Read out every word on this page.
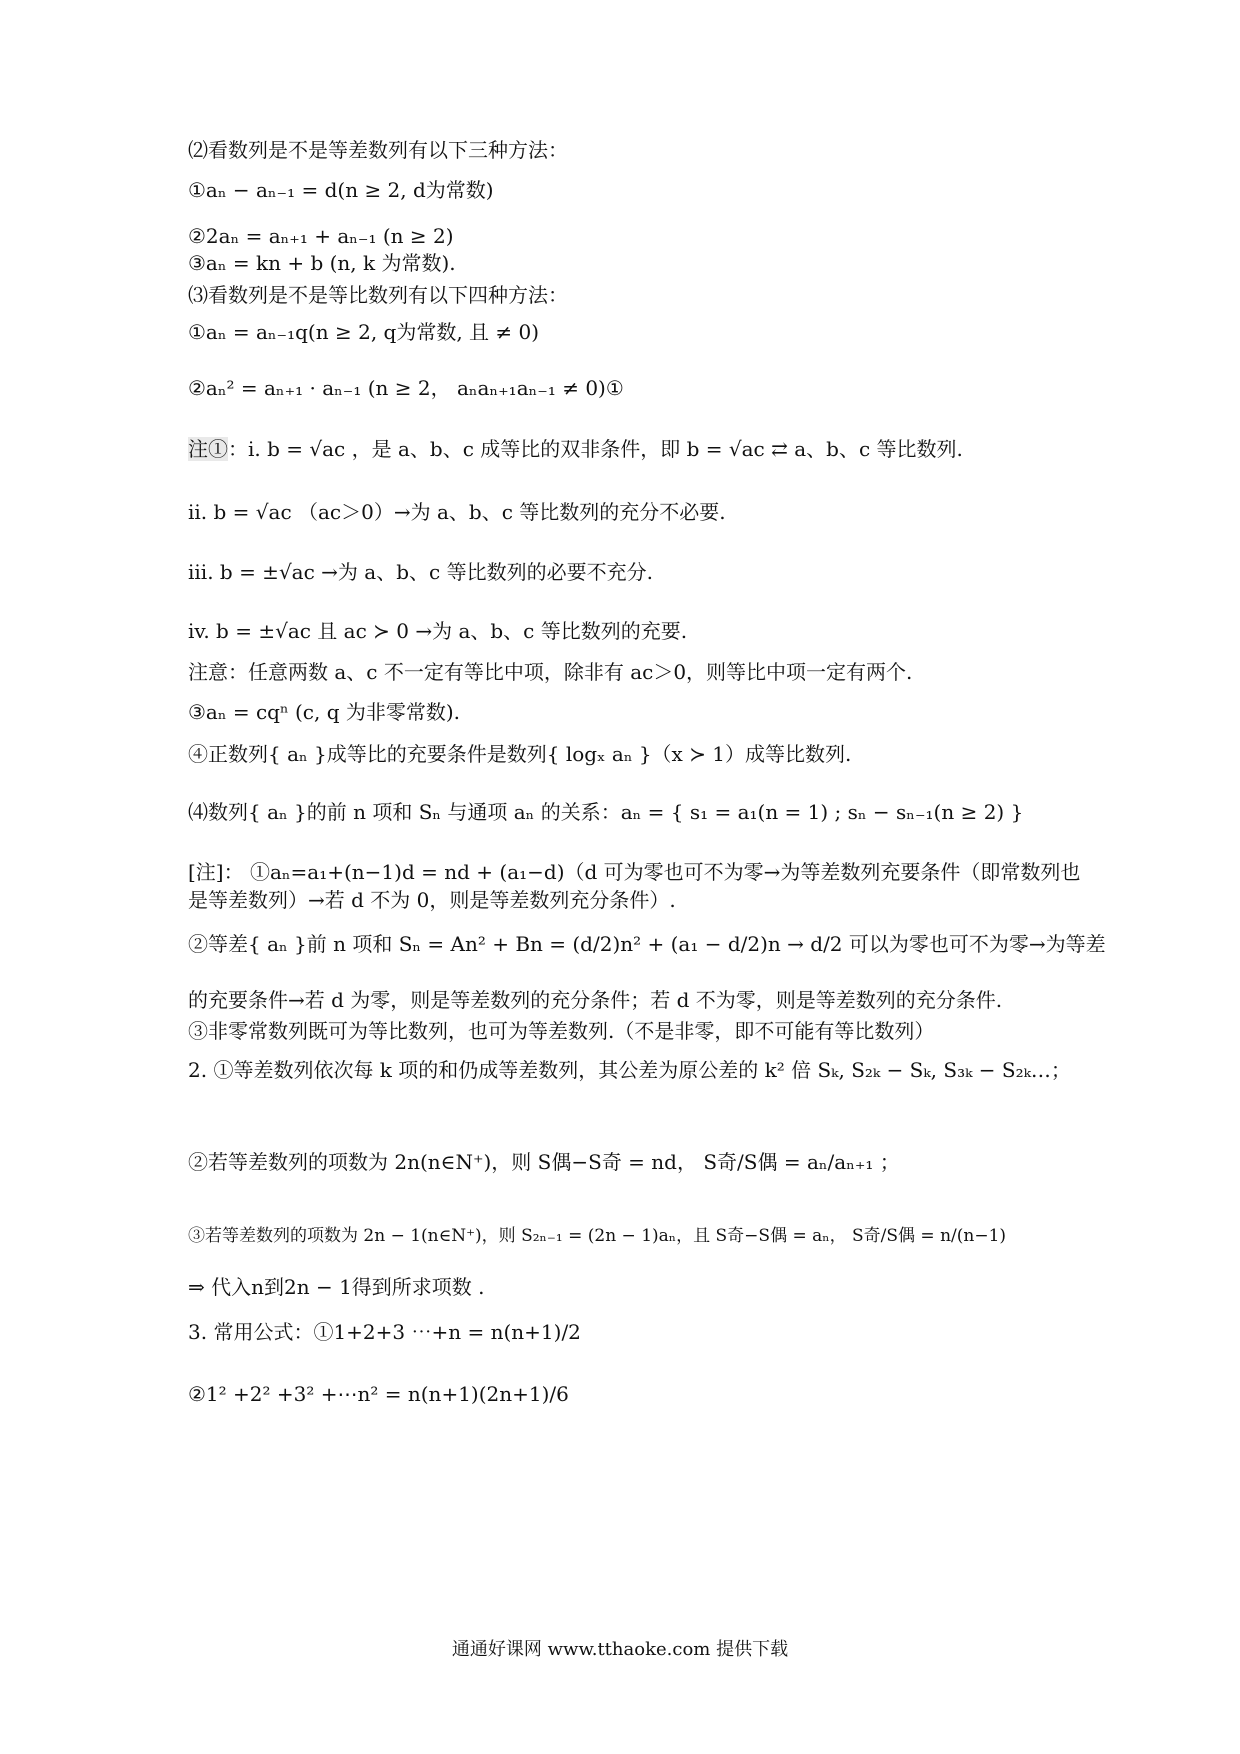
⑵看数列是不是等差数列有以下三种方法：
①aₙ − aₙ₋₁ = d(n ≥ 2, d为常数)
②2aₙ = aₙ₊₁ + aₙ₋₁ (n ≥ 2)
③aₙ = kn + b (n, k 为常数).
⑶看数列是不是等比数列有以下四种方法：
①aₙ = aₙ₋₁q(n ≥ 2, q为常数, 且 ≠ 0)
②aₙ² = aₙ₊₁ · aₙ₋₁ (n ≥ 2， aₙaₙ₊₁aₙ₋₁ ≠ 0)①
注①：i. b = √ac ，是 a、b、c 成等比的双非条件，即 b = √ac ⇄ a、b、c 等比数列.
ii. b = √ac （ac＞0）→为 a、b、c 等比数列的充分不必要.
iii. b = ±√ac →为 a、b、c 等比数列的必要不充分.
iv. b = ±√ac 且 ac ≻ 0 →为 a、b、c 等比数列的充要.
注意：任意两数 a、c 不一定有等比中项，除非有 ac＞0，则等比中项一定有两个.
③aₙ = cqⁿ (c, q 为非零常数).
④正数列{ aₙ }成等比的充要条件是数列{ logₓ aₙ }（x ≻ 1）成等比数列.
⑷数列{ aₙ }的前 n 项和 Sₙ 与通项 aₙ 的关系：aₙ = { s₁ = a₁(n = 1) ; sₙ − sₙ₋₁(n ≥ 2) }
[注]： ①aₙ=a₁+(n−1)d = nd + (a₁−d)（d 可为零也可不为零→为等差数列充要条件（即常数列也是等差数列）→若 d 不为 0，则是等差数列充分条件）.
②等差{ aₙ }前 n 项和 Sₙ = An² + Bn = (d/2)n² + (a₁ − d/2)n → d/2 可以为零也可不为零→为等差
的充要条件→若 d 为零，则是等差数列的充分条件；若 d 不为零，则是等差数列的充分条件.
③非零常数列既可为等比数列，也可为等差数列.（不是非零，即不可能有等比数列）
2. ①等差数列依次每 k 项的和仍成等差数列，其公差为原公差的 k² 倍 Sₖ, S₂ₖ − Sₖ, S₃ₖ − S₂ₖ…；
②若等差数列的项数为 2n(n∈N⁺)，则 S偶−S奇 = nd， S奇/S偶 = aₙ/aₙ₊₁ ；
③若等差数列的项数为 2n − 1(n∈N⁺)，则 S₂ₙ₋₁ = (2n − 1)aₙ，且 S奇−S偶 = aₙ， S奇/S偶 = n/(n−1)
⇒ 代入n到2n − 1得到所求项数 .
3. 常用公式：①1+2+3 ⋯+n = n(n+1)/2
②1² +2² +3² +⋯n² = n(n+1)(2n+1)/6
通通好课网 www.tthaoke.com 提供下载
